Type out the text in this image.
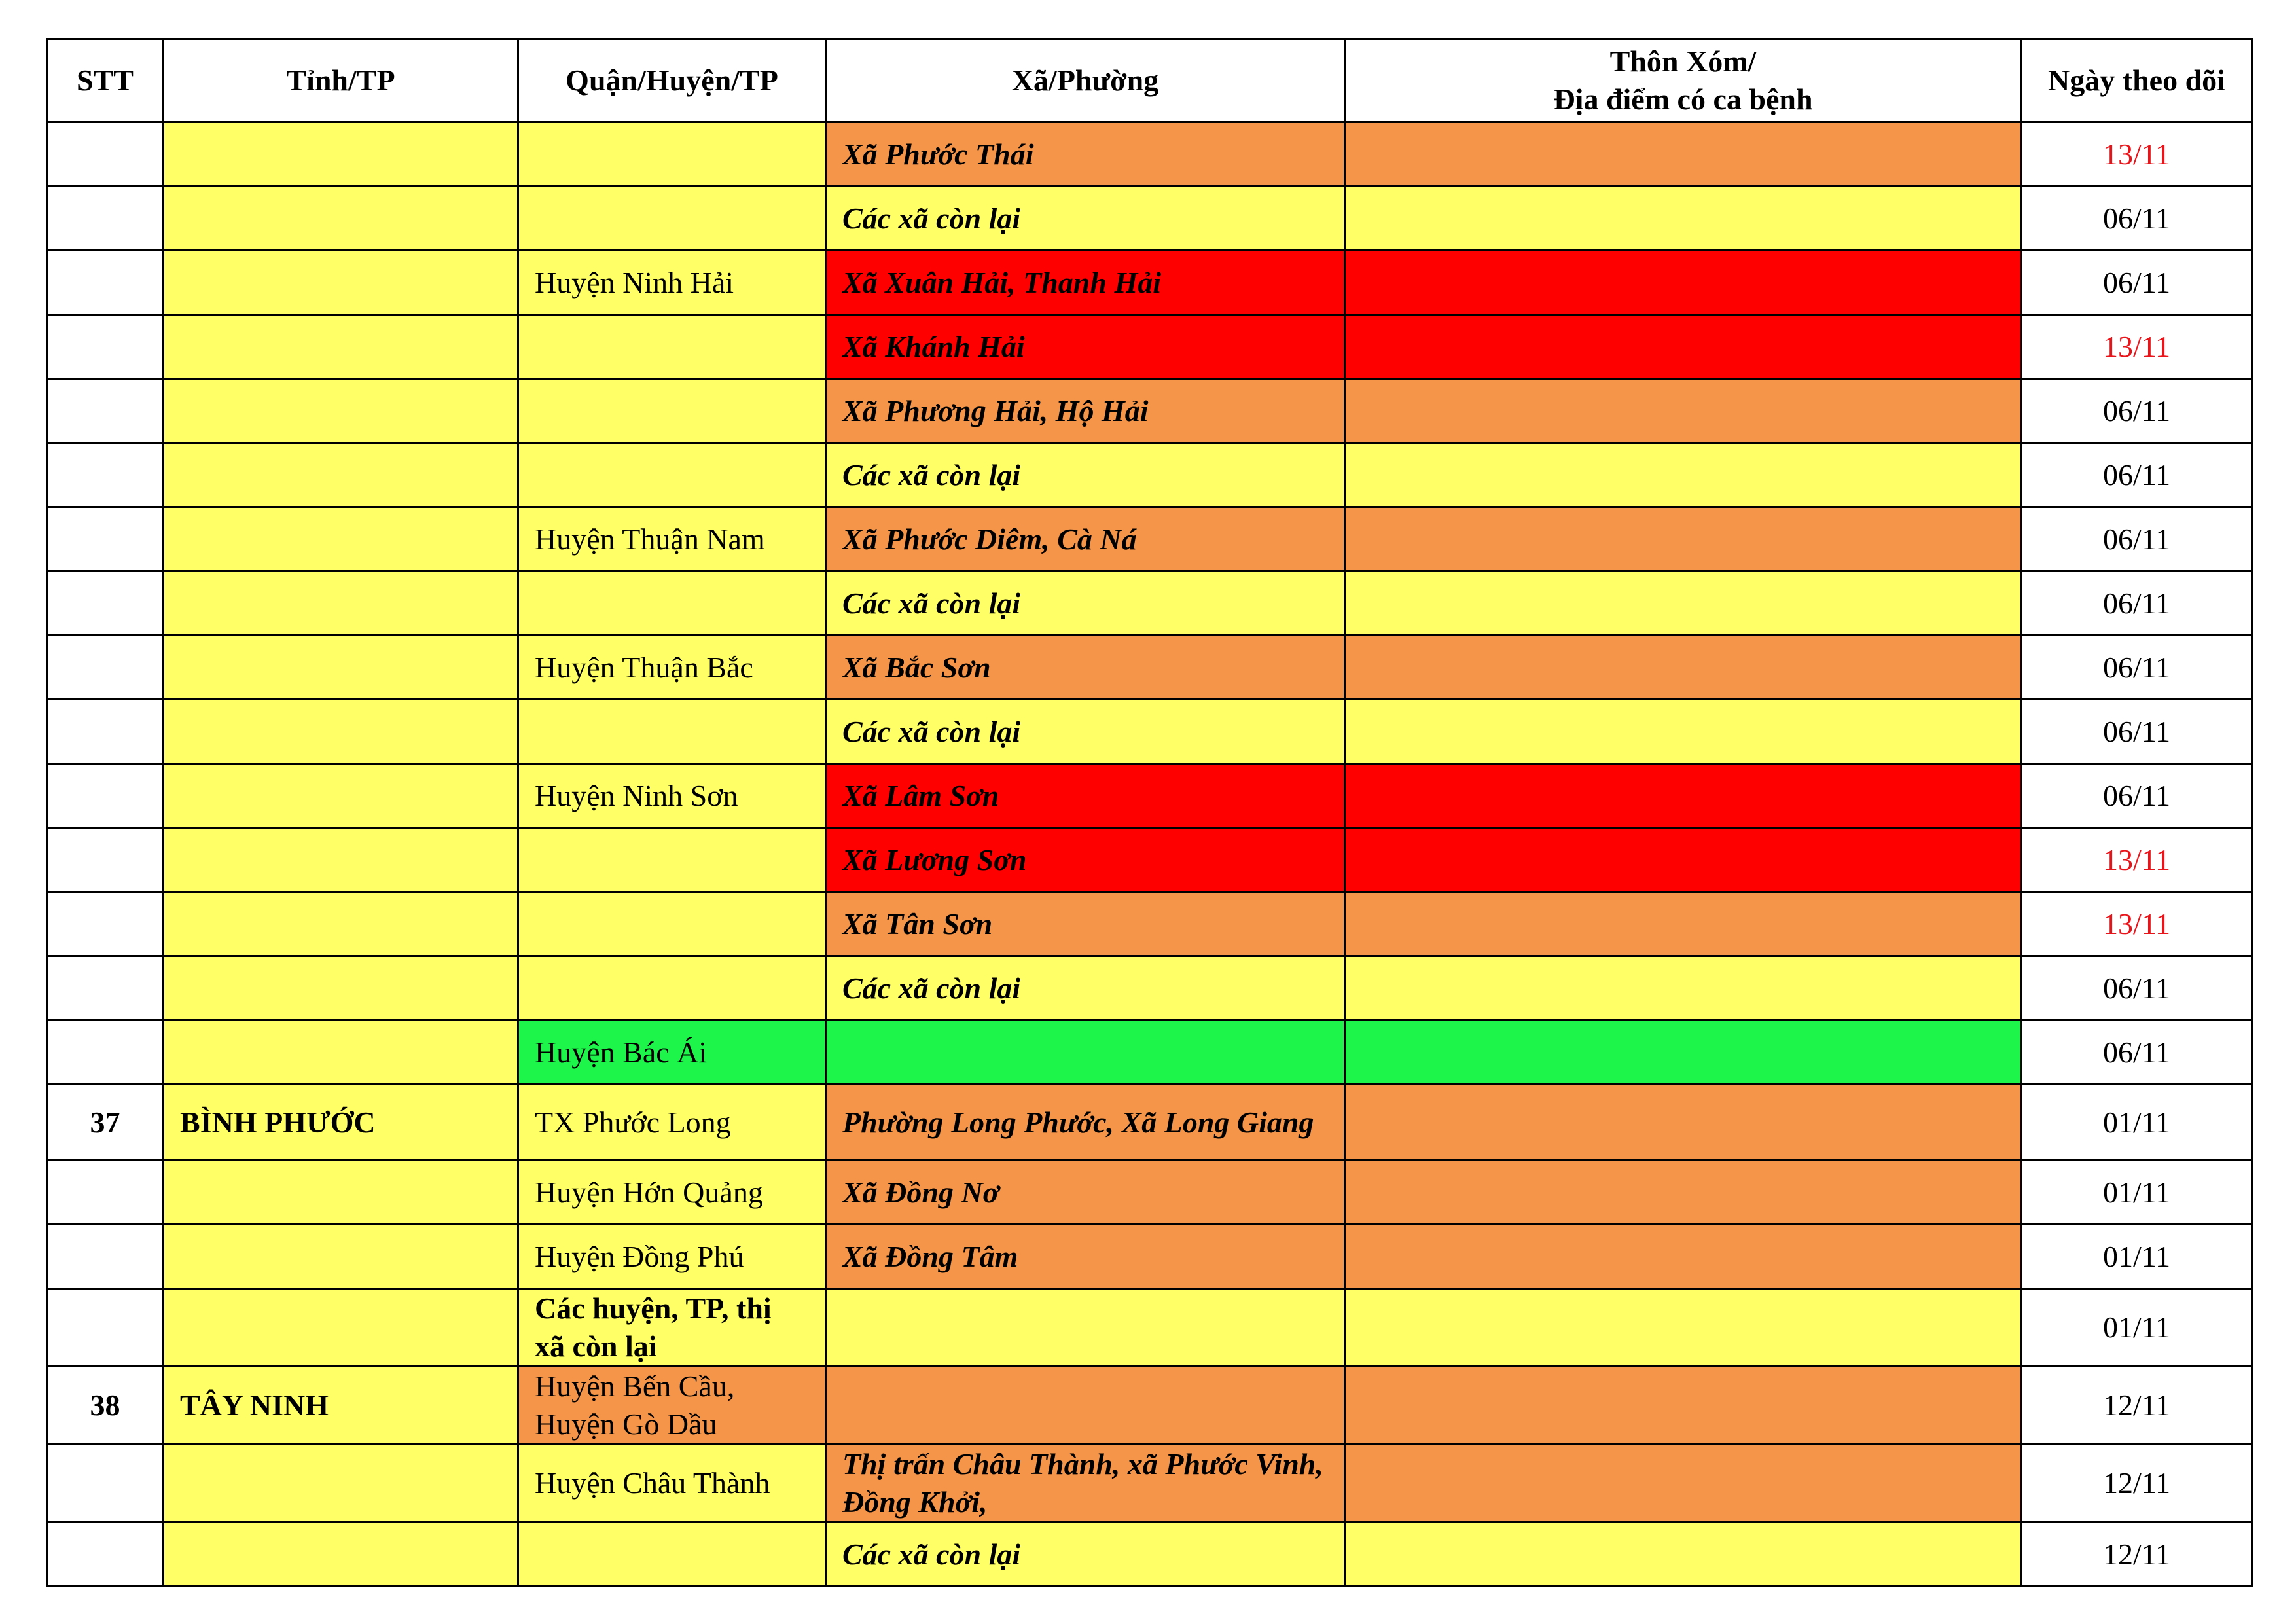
STT	Tỉnh/TP	Quận/Huyện/TP	Xã/Phường	Thôn Xóm/
Địa điểm có ca bệnh	Ngày theo dõi
			Xã Phước Thái		13/11
			Các xã còn lại		06/11
		Huyện Ninh Hải	Xã Xuân Hải, Thanh Hải		06/11
			Xã Khánh Hải		13/11
			Xã Phương Hải, Hộ Hải		06/11
			Các xã còn lại		06/11
		Huyện Thuận Nam	Xã Phước Diêm, Cà Ná		06/11
			Các xã còn lại		06/11
		Huyện Thuận Bắc	Xã Bắc Sơn		06/11
			Các xã còn lại		06/11
		Huyện Ninh Sơn	Xã Lâm Sơn		06/11
			Xã Lương Sơn		13/11
			Xã Tân Sơn		13/11
			Các xã còn lại		06/11
		Huyện Bác Ái			06/11
37	BÌNH PHƯỚC	TX Phước Long	Phường Long Phước, Xã Long Giang		01/11
		Huyện Hớn Quảng	Xã Đồng Nơ		01/11
		Huyện Đồng Phú	Xã Đồng Tâm		01/11
		Các huyện, TP, thị xã còn lại			01/11
38	TÂY NINH	Huyện Bến Cầu, Huyện Gò Dầu			12/11
		Huyện Châu Thành	Thị trấn Châu Thành, xã Phước Vinh, Đồng Khởi,		12/11
			Các xã còn lại		12/11
